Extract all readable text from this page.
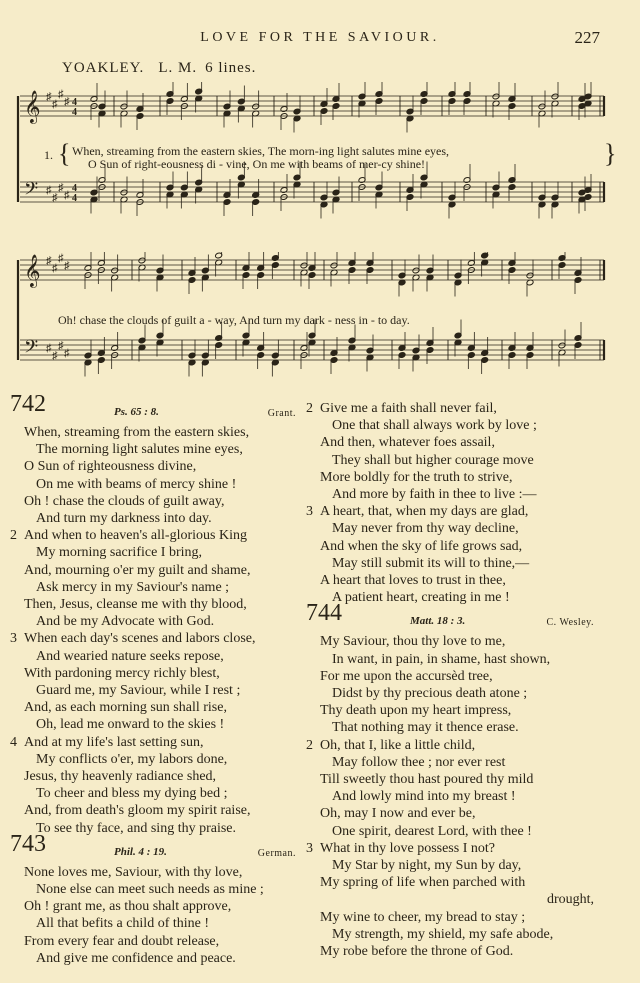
LOVE FOR THE SAVIOUR.	227
YOAKLEY. L. M. 6 lines.
𝄞 ♯
♯
♯
♯ 4
4
𝄢 ♯
♯
♯
♯
4
4
1. {	}
When, streaming from the eastern skies, The morn-ing light salutes mine eyes,
O Sun of right-eousness di - vine, On me with beams of mer-cy shine!
𝄞 ♯
♯
♯
♯
𝄢 ♯
♯
♯
♯
Oh! chase the clouds of guilt a - way, And turn my dark - ness in - to day.
742	Ps. 65 : 8.	Grant.
When, streaming from the eastern skies,
The morning light salutes mine eyes,
O Sun of righteousness divine,
On me with beams of mercy shine !
Oh ! chase the clouds of guilt away,
And turn my darkness into day.
2 And when to heaven's all-glorious King
My morning sacrifice I bring,
And, mourning o'er my guilt and shame,
Ask mercy in my Saviour's name ;
Then, Jesus, cleanse me with thy blood,
And be my Advocate with God.
3 When each day's scenes and labors close,
And wearied nature seeks repose,
With pardoning mercy richly blest,
Guard me, my Saviour, while I rest ;
And, as each morning sun shall rise,
Oh, lead me onward to the skies !
4 And at my life's last setting sun,
My conflicts o'er, my labors done,
Jesus, thy heavenly radiance shed,
To cheer and bless my dying bed ;
And, from death's gloom my spirit raise,
To see thy face, and sing thy praise.
743	Phil. 4 : 19.	German.
None loves me, Saviour, with thy love,
None else can meet such needs as mine ;
Oh ! grant me, as thou shalt approve,
All that befits a child of thine !
From every fear and doubt release,
And give me confidence and peace.
2 Give me a faith shall never fail,
One that shall always work by love ;
And then, whatever foes assail,
They shall but higher courage move
More boldly for the truth to strive,
And more by faith in thee to live :—
3 A heart, that, when my days are glad,
May never from thy way decline,
And when the sky of life grows sad,
May still submit its will to thine,—
A heart that loves to trust in thee,
A patient heart, creating in me !
744	Matt. 18 : 3.	C. Wesley.
My Saviour, thou thy love to me,
In want, in pain, in shame, hast shown,
For me upon the accursèd tree,
Didst by thy precious death atone ;
Thy death upon my heart impress,
That nothing may it thence erase.
2 Oh, that I, like a little child,
May follow thee ; nor ever rest
Till sweetly thou hast poured thy mild
And lowly mind into my breast !
Oh, may I now and ever be,
One spirit, dearest Lord, with thee !
3 What in thy love possess I not?
My Star by night, my Sun by day,
My spring of life when parched with
drought,
My wine to cheer, my bread to stay ;
My strength, my shield, my safe abode,
My robe before the throne of God.
